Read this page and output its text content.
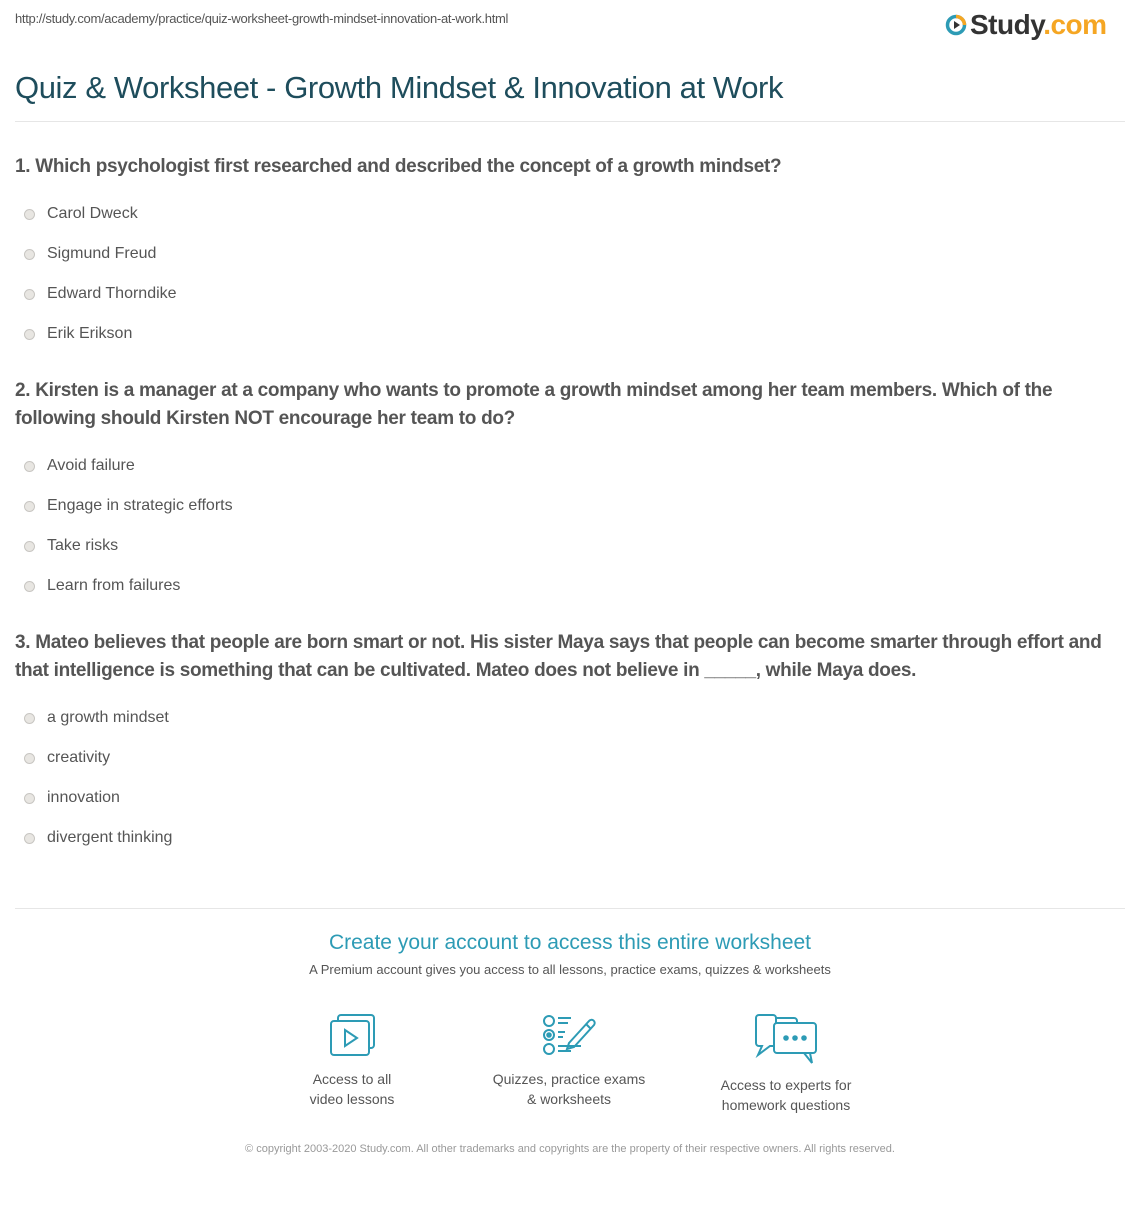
http://study.com/academy/practice/quiz-worksheet-growth-mindset-innovation-at-work.html	Study.com
Quiz & Worksheet - Growth Mindset & Innovation at Work
1. Which psychologist first researched and described the concept of a growth mindset?
Carol Dweck
Sigmund Freud
Edward Thorndike
Erik Erikson
2. Kirsten is a manager at a company who wants to promote a growth mindset among her team members. Which of the following should Kirsten NOT encourage her team to do?
Avoid failure
Engage in strategic efforts
Take risks
Learn from failures
3. Mateo believes that people are born smart or not. His sister Maya says that people can become smarter through effort and that intelligence is something that can be cultivated. Mateo does not believe in _____, while Maya does.
a growth mindset
creativity
innovation
divergent thinking
Create your account to access this entire worksheet
A Premium account gives you access to all lessons, practice exams, quizzes & worksheets
Access to all
video lessons
Quizzes, practice exams
& worksheets
Access to experts for
homework questions
© copyright 2003-2020 Study.com. All other trademarks and copyrights are the property of their respective owners. All rights reserved.
